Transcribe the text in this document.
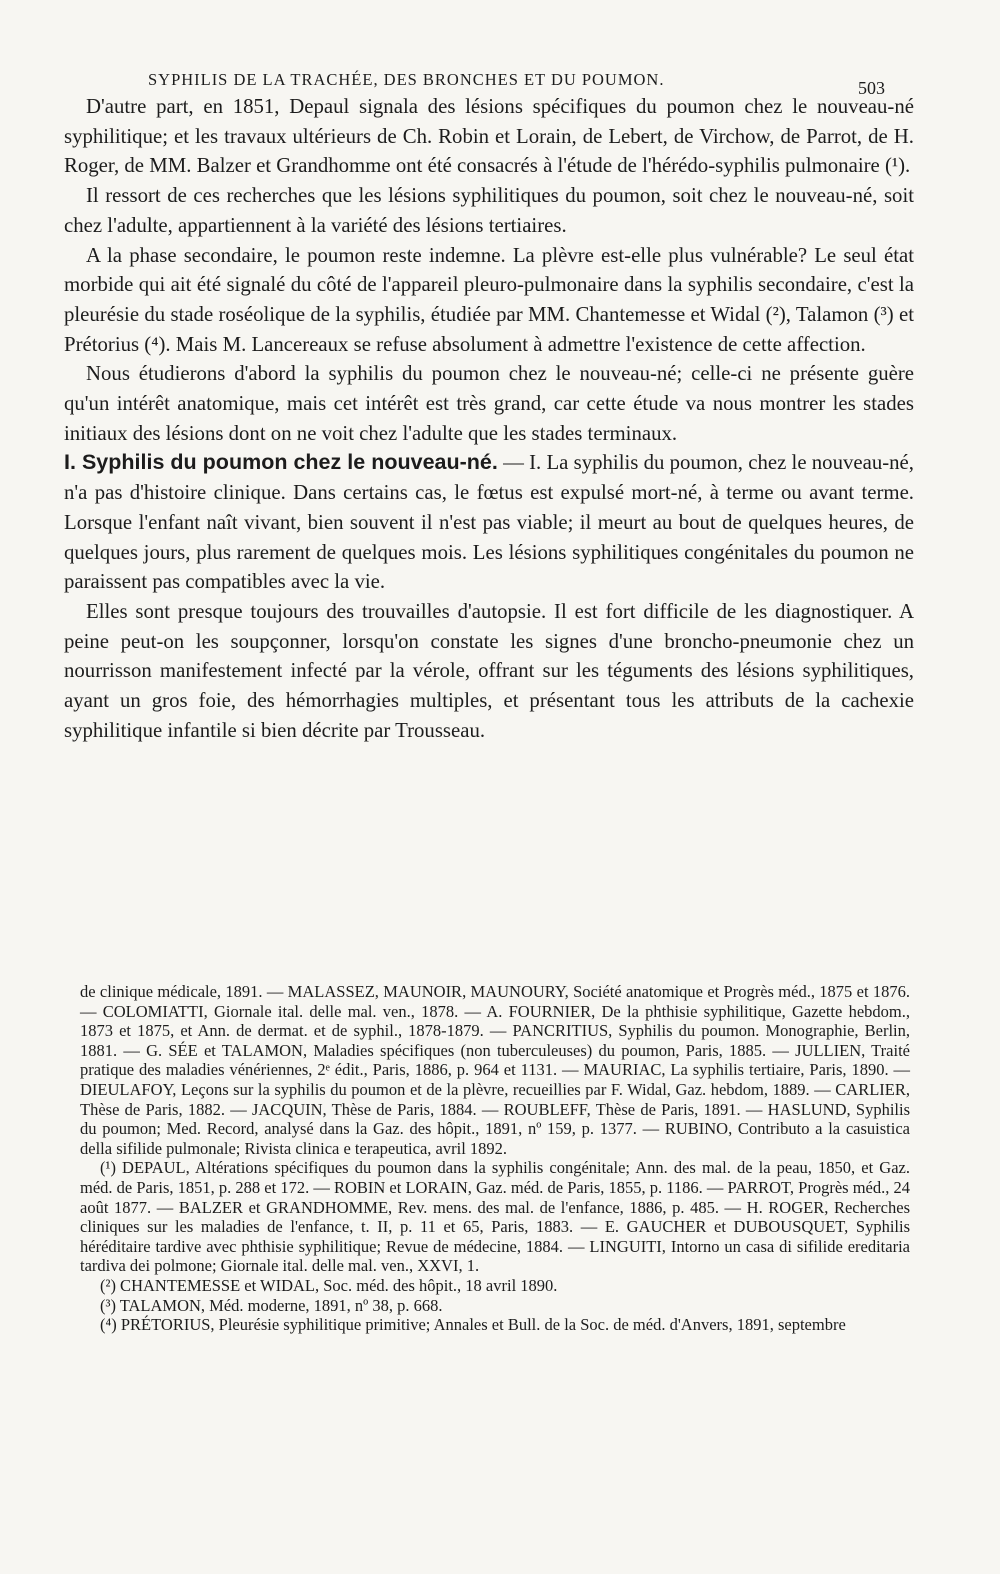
SYPHILIS DE LA TRACHÉE, DES BRONCHES ET DU POUMON.	503

D'autre part, en 1851, Depaul signala des lésions spécifiques du poumon chez le nouveau-né syphilitique; et les travaux ultérieurs de Ch. Robin et Lorain, de Lebert, de Virchow, de Parrot, de H. Roger, de MM. Balzer et Grandhomme ont été consacrés à l'étude de l'hérédo-syphilis pulmonaire (¹).

Il ressort de ces recherches que les lésions syphilitiques du poumon, soit chez le nouveau-né, soit chez l'adulte, appartiennent à la variété des lésions tertiaires.

A la phase secondaire, le poumon reste indemne. La plèvre est-elle plus vulnérable? Le seul état morbide qui ait été signalé du côté de l'appareil pleuro-pulmonaire dans la syphilis secondaire, c'est la pleurésie du stade roséolique de la syphilis, étudiée par MM. Chantemesse et Widal (²), Talamon (³) et Prétorius (⁴). Mais M. Lancereaux se refuse absolument à admettre l'existence de cette affection.

Nous étudierons d'abord la syphilis du poumon chez le nouveau-né; celle-ci ne présente guère qu'un intérêt anatomique, mais cet intérêt est très grand, car cette étude va nous montrer les stades initiaux des lésions dont on ne voit chez l'adulte que les stades terminaux.

I. Syphilis du poumon chez le nouveau-né. — I. La syphilis du poumon, chez le nouveau-né, n'a pas d'histoire clinique. Dans certains cas, le fœtus est expulsé mort-né, à terme ou avant terme. Lorsque l'enfant naît vivant, bien souvent il n'est pas viable; il meurt au bout de quelques heures, de quelques jours, plus rarement de quelques mois. Les lésions syphilitiques congénitales du poumon ne paraissent pas compatibles avec la vie.

Elles sont presque toujours des trouvailles d'autopsie. Il est fort difficile de les diagnostiquer. A peine peut-on les soupçonner, lorsqu'on constate les signes d'une broncho-pneumonie chez un nourrisson manifestement infecté par la vérole, offrant sur les téguments des lésions syphilitiques, ayant un gros foie, des hémorrhagies multiples, et présentant tous les attributs de la cachexie syphilitique infantile si bien décrite par Trousseau.

de clinique médicale, 1891. — MALASSEZ, MAUNOIR, MAUNOURY, Société anatomique et Progrès méd., 1875 et 1876. — COLOMIATTI, Giornale ital. delle mal. ven., 1878. — A. FOURNIER, De la phthisie syphilitique, Gazette hebdom., 1873 et 1875, et Ann. de dermat. et de syphil., 1878-1879. — PANCRITIUS, Syphilis du poumon. Monographie, Berlin, 1881. — G. SÉE et TALAMON, Maladies spécifiques (non tuberculeuses) du poumon, Paris, 1885. — JULLIEN, Traité pratique des maladies vénériennes, 2ᵉ édit., Paris, 1886, p. 964 et 1131. — MAURIAC, La syphilis tertiaire, Paris, 1890. — DIEULAFOY, Leçons sur la syphilis du poumon et de la plèvre, recueillies par F. Widal, Gaz. hebdom, 1889. — CARLIER, Thèse de Paris, 1882. — JACQUIN, Thèse de Paris, 1884. — ROUBLEFF, Thèse de Paris, 1891. — HASLUND, Syphilis du poumon; Med. Record, analysé dans la Gaz. des hôpit., 1891, nº 159, p. 1377. — RUBINO, Contributo a la casuistica della sifilide pulmonale; Rivista clinica e terapeutica, avril 1892.

(¹) DEPAUL, Altérations spécifiques du poumon dans la syphilis congénitale; Ann. des mal. de la peau, 1850, et Gaz. méd. de Paris, 1851, p. 288 et 172. — ROBIN et LORAIN, Gaz. méd. de Paris, 1855, p. 1186. — PARROT, Progrès méd., 24 août 1877. — BALZER et GRANDHOMME, Rev. mens. des mal. de l'enfance, 1886, p. 485. — H. ROGER, Recherches cliniques sur les maladies de l'enfance, t. II, p. 11 et 65, Paris, 1883. — E. GAUCHER et DUBOUSQUET, Syphilis héréditaire tardive avec phthisie syphilitique; Revue de médecine, 1884. — LINGUITI, Intorno un casa di sifilide ereditaria tardiva dei polmone; Giornale ital. delle mal. ven., XXVI, 1.

(²) CHANTEMESSE et WIDAL, Soc. méd. des hôpit., 18 avril 1890.

(³) TALAMON, Méd. moderne, 1891, nº 38, p. 668.

(⁴) PRÉTORIUS, Pleurésie syphilitique primitive; Annales et Bull. de la Soc. de méd. d'Anvers, 1891, septembre
